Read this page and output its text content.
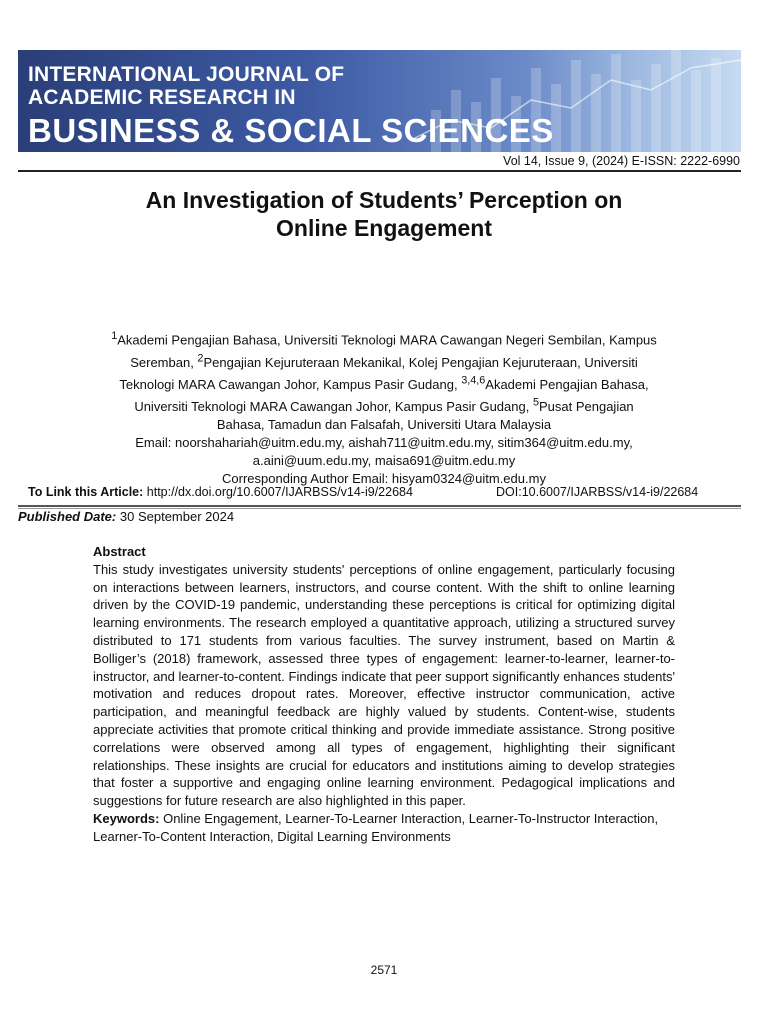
INTERNATIONAL JOURNAL OF
ACADEMIC RESEARCH IN
BUSINESS & SOCIAL SCIENCES
Vol 14, Issue 9, (2024) E-ISSN: 2222-6990
An Investigation of Students’ Perception on
Online Engagement

$^1$Akademi Pengajian Bahasa, Universiti Teknologi MARA Cawangan Negeri Sembilan, Kampus

Seremban, $^2$Pengajian Kejuruteraan Mekanikal, Kolej Pengajian Kejuruteraan, Universiti

Teknologi MARA Cawangan Johor, Kampus Pasir Gudang, $^{3,4,6}$Akademi Pengajian Bahasa,

Universiti Teknologi MARA Cawangan Johor, Kampus Pasir Gudang, $^5$Pusat Pengajian

Bahasa, Tamadun dan Falsafah, Universiti Utara Malaysia

Email: noorshahariah@uitm.edu.my, aishah711@uitm.edu.my, sitim364@uitm.edu.my,

a.aini@uum.edu.my, maisa691@uitm.edu.my

Corresponding Author Email: hisyam0324@uitm.edu.my

To Link this Article: http://dx.doi.org/10.6007/IJARBSS/v14-i9/22684	DOI:10.6007/IJARBSS/v14-i9/22684
Published Date: 30 September 2024
Abstract

This study investigates university students' perceptions of online engagement, particularly focusing on interactions between learners, instructors, and course content. With the shift to online learning driven by the COVID-19 pandemic, understanding these perceptions is critical for optimizing digital learning environments. The research employed a quantitative approach, utilizing a structured survey distributed to 171 students from various faculties. The survey instrument, based on Martin & Bolliger’s (2018) framework, assessed three types of engagement: learner-to-learner, learner-to-instructor, and learner-to-content. Findings indicate that peer support significantly enhances students' motivation and reduces dropout rates. Moreover, effective instructor communication, active participation, and meaningful feedback are highly valued by students. Content-wise, students appreciate activities that promote critical thinking and provide immediate assistance. Strong positive correlations were observed among all types of engagement, highlighting their significant relationships. These insights are crucial for educators and institutions aiming to develop strategies that foster a supportive and engaging online learning environment. Pedagogical implications and suggestions for future research are also highlighted in this paper.

Keywords: Online Engagement, Learner-To-Learner Interaction, Learner-To-Instructor Interaction, Learner-To-Content Interaction, Digital Learning Environments

2571
